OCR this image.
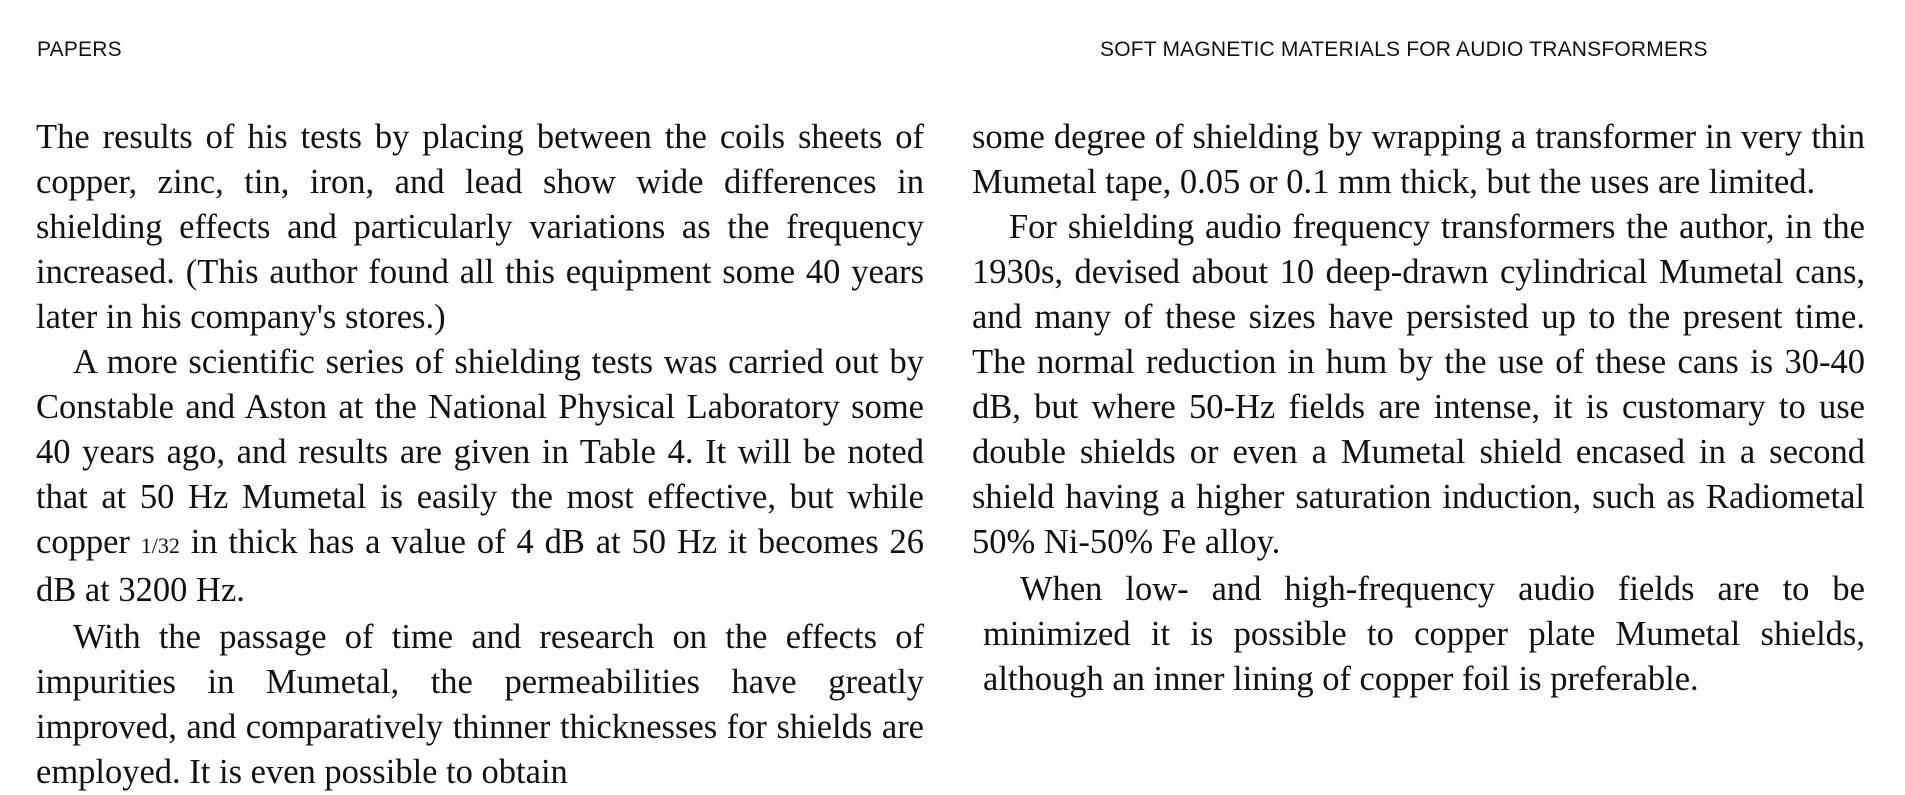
PAPERS	SOFT MAGNETIC MATERIALS FOR AUDIO TRANSFORMERS

The results of his tests by placing between the coils sheets of copper, zinc, tin, iron, and lead show wide differences in shielding effects and particularly variations as the frequency increased. (This author found all this equipment some 40 years later in his company's stores.)

A more scientific series of shielding tests was carried out by Constable and Aston at the National Physical Laboratory some 40 years ago, and results are given in Table 4. It will be noted that at 50 Hz Mumetal is easily the most effective, but while copper 1/32 in thick has a value of 4 dB at 50 Hz it becomes 26 dB at 3200 Hz.

With the passage of time and research on the effects of impurities in Mumetal, the permeabilities have greatly improved, and comparatively thinner thicknesses for shields are employed. It is even possible to obtain

some degree of shielding by wrapping a transformer in very thin Mumetal tape, 0.05 or 0.1 mm thick, but the uses are limited.

For shielding audio frequency transformers the author, in the 1930s, devised about 10 deep-drawn cylindrical Mumetal cans, and many of these sizes have persisted up to the present time. The normal reduction in hum by the use of these cans is 30-40 dB, but where 50-Hz fields are intense, it is customary to use double shields or even a Mumetal shield encased in a second shield having a higher saturation induction, such as Radiometal 50% Ni-50% Fe alloy.

When low- and high-frequency audio fields are to be minimized it is possible to copper plate Mumetal shields, although an inner lining of copper foil is preferable.
